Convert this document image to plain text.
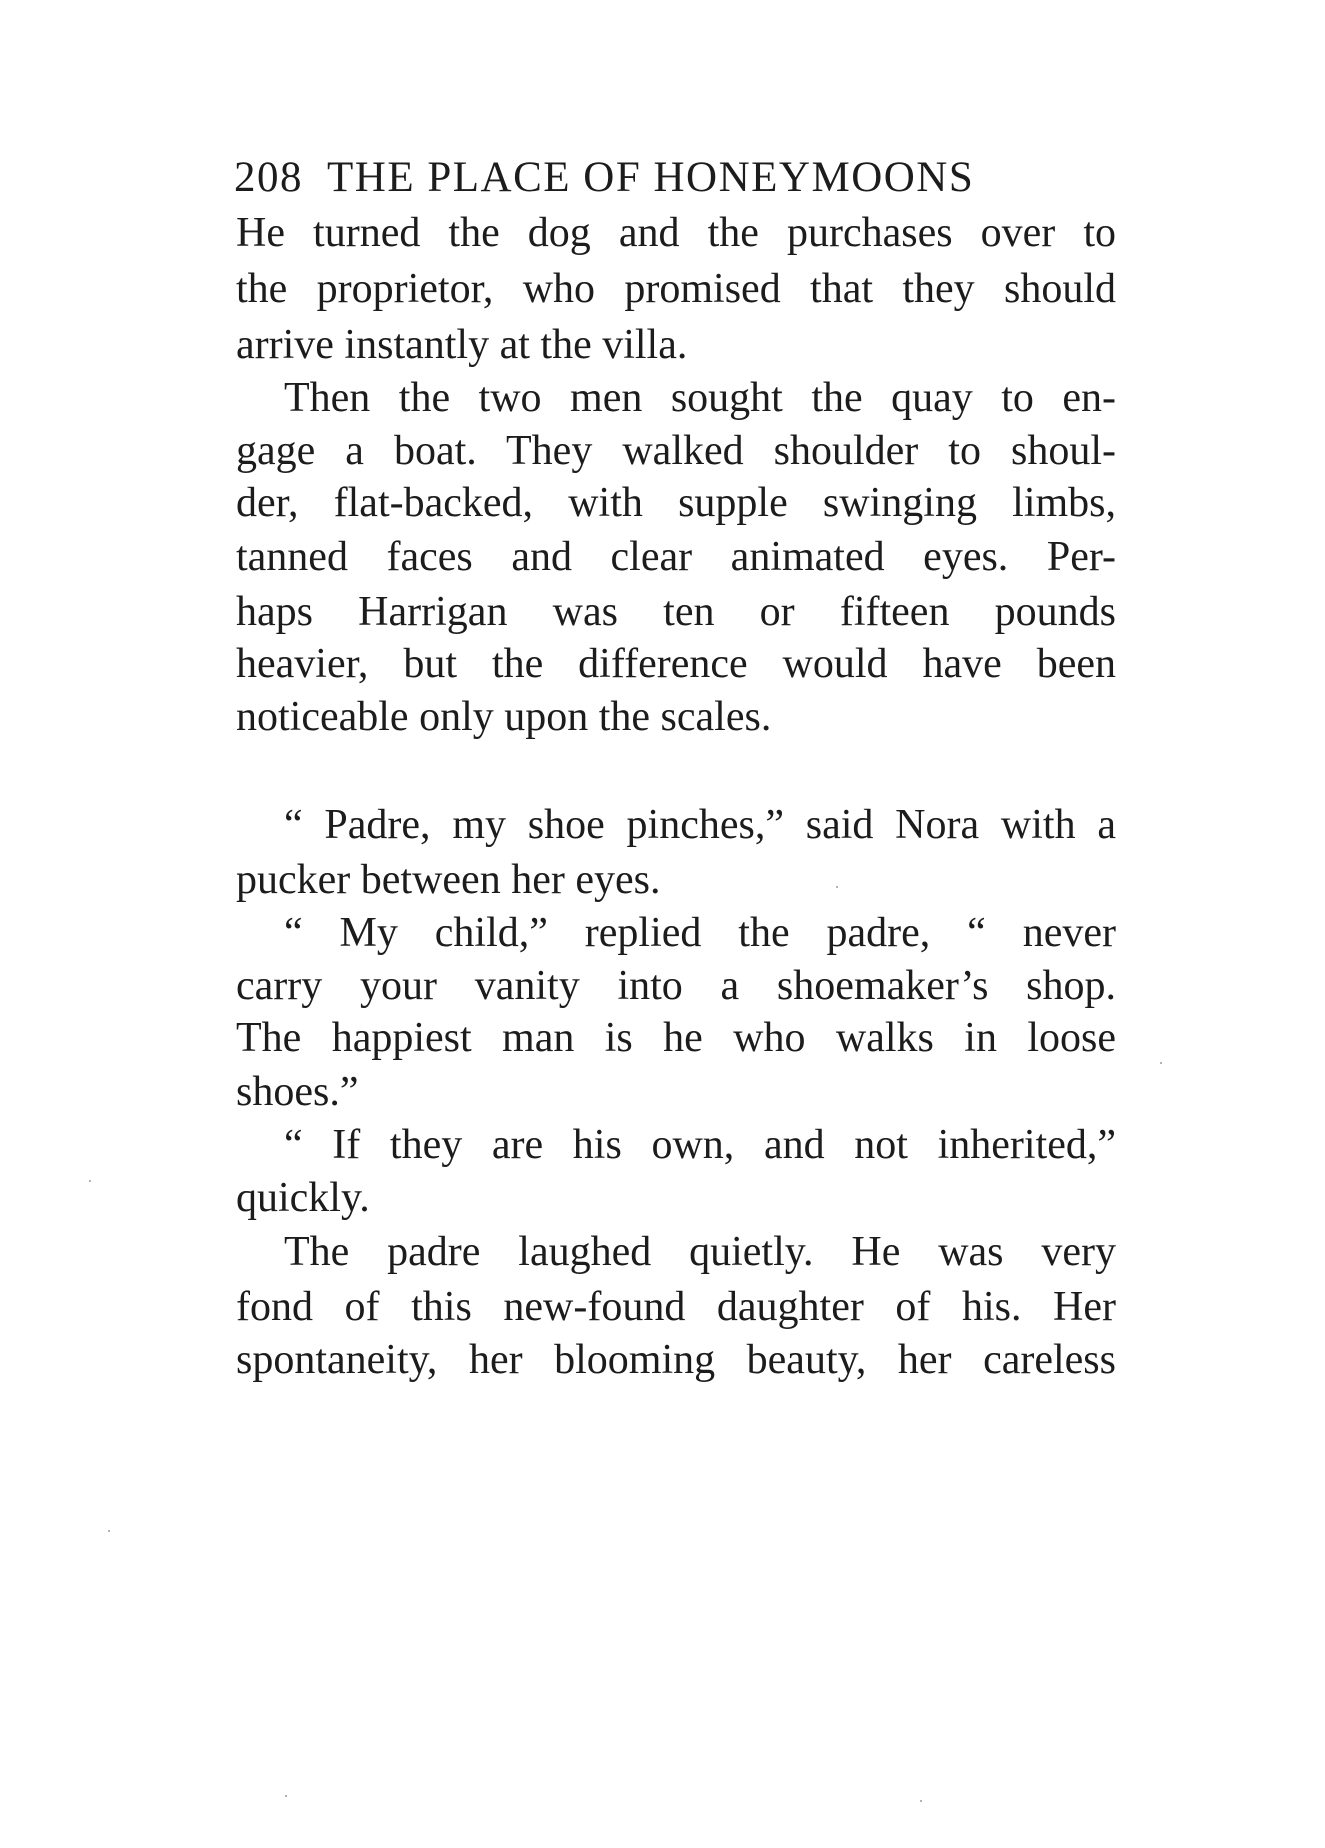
208 THE PLACE OF HONEYMOONS
He turned the dog and the purchases over to
the proprietor, who promised that they should
arrive instantly at the villa.
Then the two men sought the quay to en-
gage a boat. They walked shoulder to shoul-
der, flat-backed, with supple swinging limbs,
tanned faces and clear animated eyes. Per-
haps Harrigan was ten or fifteen pounds
heavier, but the difference would have been
noticeable only upon the scales.
“ Padre, my shoe pinches,” said Nora with a
pucker between her eyes.
“ My child,” replied the padre, “ never
carry your vanity into a shoemaker’s shop.
The happiest man is he who walks in loose
shoes.”
“ If they are his own, and not inherited,”
quickly.
The padre laughed quietly. He was very
fond of this new-found daughter of his. Her
spontaneity, her blooming beauty, her careless
